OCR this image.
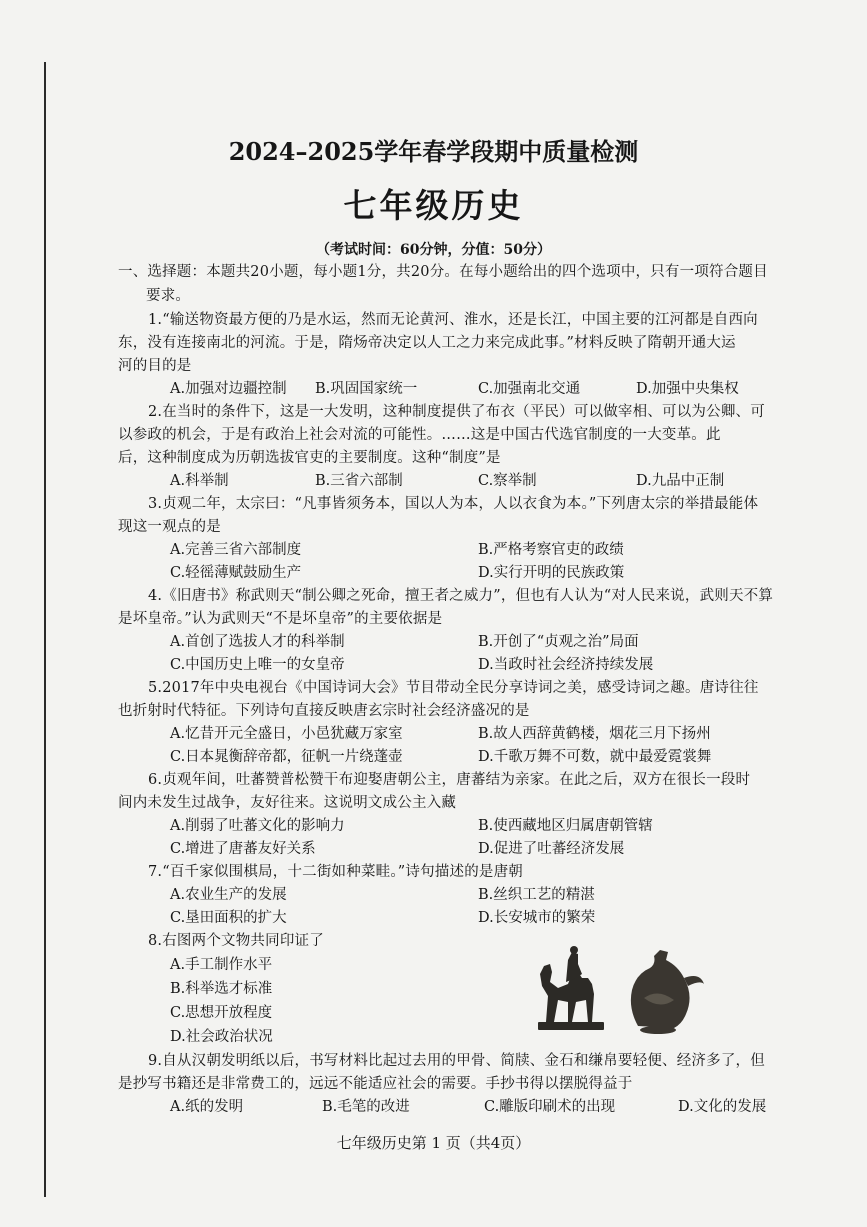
2024–2025学年春学段期中质量检测
七年级历史
（考试时间：60分钟，分值：50分）
一、选择题：本题共20小题，每小题1分，共20分。在每小题给出的四个选项中，只有一项符合题目
要求。
1.“输送物资最方便的乃是水运，然而无论黄河、淮水，还是长江，中国主要的江河都是自西向
东，没有连接南北的河流。于是，隋炀帝决定以人工之力来完成此事。”材料反映了隋朝开通大运
河的目的是
A.加强对边疆控制 B.巩固国家统一	C.加强南北交通	D.加强中央集权
2.在当时的条件下，这是一大发明，这种制度提供了布衣（平民）可以做宰相、可以为公卿、可
以参政的机会，于是有政治上社会对流的可能性。……这是中国古代选官制度的一大变革。此
后，这种制度成为历朝选拔官吏的主要制度。这种“制度”是
A.科举制	B.三省六部制	C.察举制	D.九品中正制
3.贞观二年，太宗曰：“凡事皆须务本，国以人为本，人以衣食为本。”下列唐太宗的举措最能体
现这一观点的是
A.完善三省六部制度	B.严格考察官吏的政绩
C.轻徭薄赋鼓励生产	D.实行开明的民族政策
4.《旧唐书》称武则天“制公卿之死命，擅王者之威力”，但也有人认为“对人民来说，武则天不算
是坏皇帝。”认为武则天“不是坏皇帝”的主要依据是
A.首创了选拔人才的科举制	B.开创了“贞观之治”局面
C.中国历史上唯一的女皇帝	D.当政时社会经济持续发展
5.2017年中央电视台《中国诗词大会》节目带动全民分享诗词之美，感受诗词之趣。唐诗往往
也折射时代特征。下列诗句直接反映唐玄宗时社会经济盛况的是
A.忆昔开元全盛日，小邑犹藏万家室	B.故人西辞黄鹤楼，烟花三月下扬州
C.日本晁衡辞帝都，征帆一片绕蓬壶	D.千歌万舞不可数，就中最爱霓裳舞
6.贞观年间，吐蕃赞普松赞干布迎娶唐朝公主，唐蕃结为亲家。在此之后，双方在很长一段时
间内未发生过战争，友好往来。这说明文成公主入藏
A.削弱了吐蕃文化的影响力	B.使西藏地区归属唐朝管辖
C.增进了唐蕃友好关系	D.促进了吐蕃经济发展
7.“百千家似围棋局，十二街如种菜畦。”诗句描述的是唐朝
A.农业生产的发展	B.丝织工艺的精湛
C.垦田面积的扩大	D.长安城市的繁荣
8.右图两个文物共同印证了
A.手工制作水平
B.科举选才标准
C.思想开放程度
D.社会政治状况
9.自从汉朝发明纸以后，书写材料比起过去用的甲骨、简牍、金石和缣帛要轻便、经济多了，但
是抄写书籍还是非常费工的，远远不能适应社会的需要。手抄书得以摆脱得益于
A.纸的发明	B.毛笔的改进	C.雕版印刷术的出现	D.文化的发展
七年级历史第 1 页（共4页）
